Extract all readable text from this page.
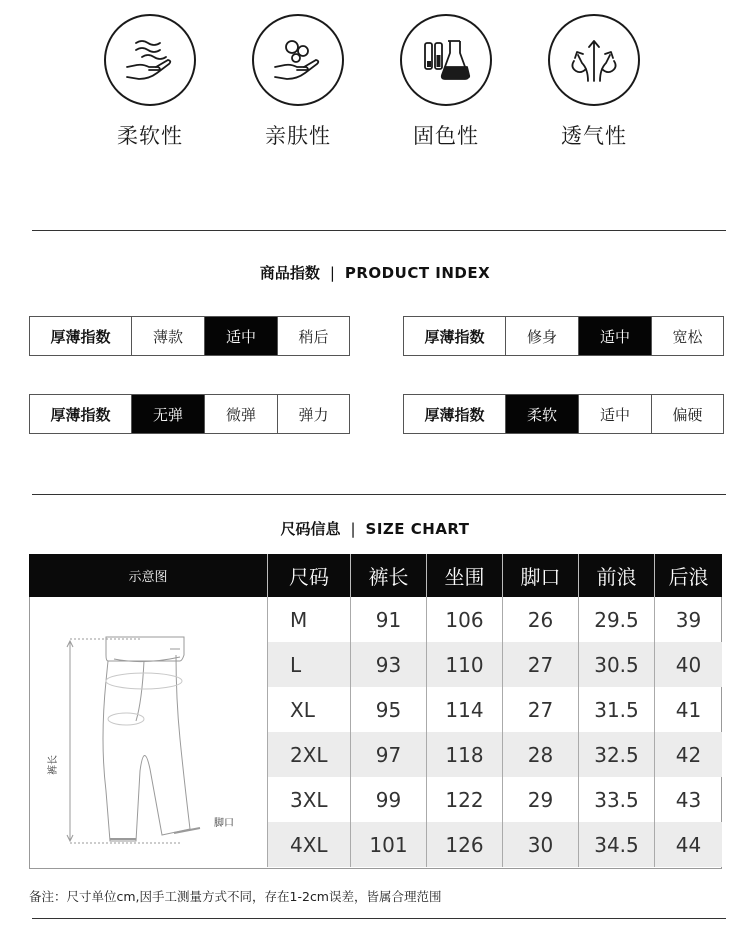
柔软性	亲肤性	固色性	透气性
商品指数 | PRODUCT INDEX
厚薄指数	薄款	适中	稍后	厚薄指数	修身	适中	宽松
厚薄指数	无弹	微弹	弹力	厚薄指数	柔软	适中	偏硬
尺码信息 | SIZE CHART
示意图	尺码	裤长	坐围	脚口	前浪	后浪
裤长
脚口
M	91	106	26	29.5	39
L	93	110	27	30.5	40
XL	95	114	27	31.5	41
2XL	97	118	28	32.5	42
3XL	99	122	29	33.5	43
4XL	101	126	30	34.5	44
备注：尺寸单位cm,因手工测量方式不同，存在1-2cm误差，皆属合理范围
